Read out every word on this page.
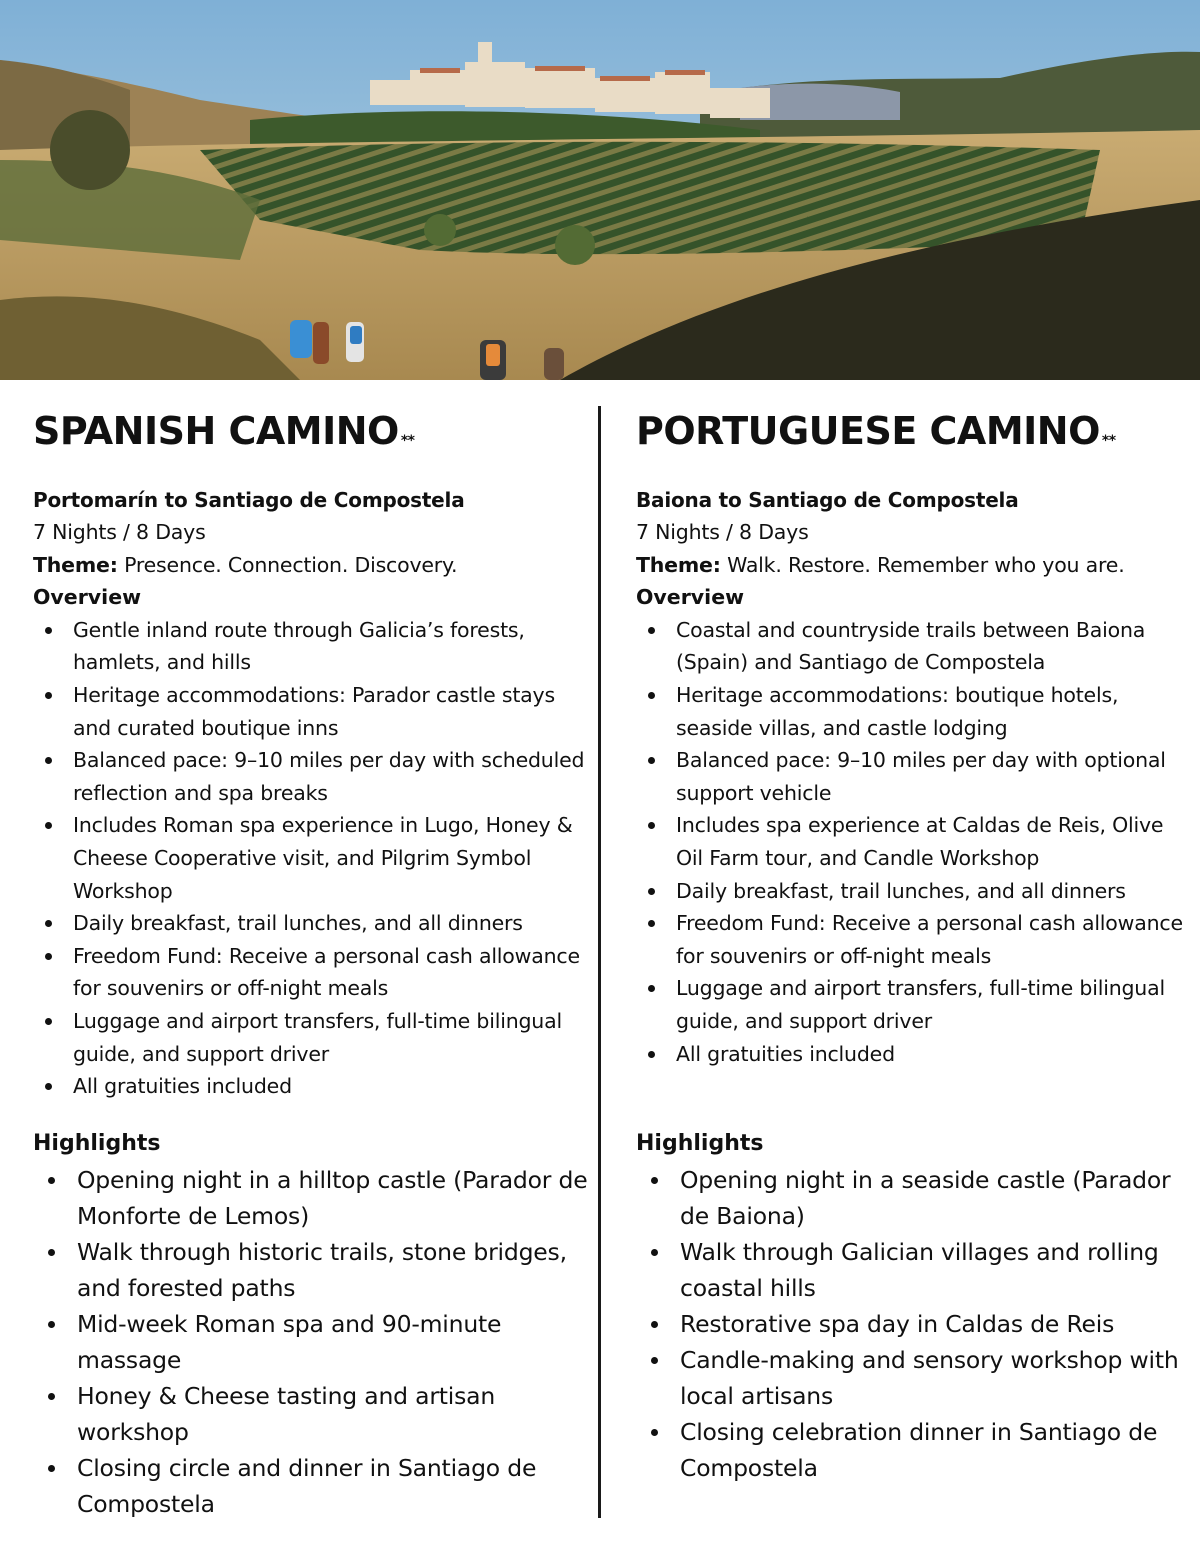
SPANISH CAMINO **
Portomarín to Santiago de Compostela
7 Nights / 8 Days
Theme: Presence. Connection. Discovery.
Overview
Gentle inland route through Galicia’s forests, hamlets, and hills
Heritage accommodations: Parador castle stays and curated boutique inns
Balanced pace: 9–10 miles per day with scheduled reflection and spa breaks
Includes Roman spa experience in Lugo, Honey & Cheese Cooperative visit, and Pilgrim Symbol Workshop
Daily breakfast, trail lunches, and all dinners
Freedom Fund: Receive a personal cash allowance for souvenirs or off-night meals
Luggage and airport transfers, full-time bilingual guide, and support driver
All gratuities included
Highlights
Opening night in a hilltop castle (Parador de Monforte de Lemos)
Walk through historic trails, stone bridges, and forested paths
Mid-week Roman spa and 90-minute massage
Honey & Cheese tasting and artisan workshop
Closing circle and dinner in Santiago de Compostela
PORTUGUESE CAMINO **
Baiona to Santiago de Compostela
7 Nights / 8 Days
Theme: Walk. Restore. Remember who you are.
Overview
Coastal and countryside trails between Baiona (Spain) and Santiago de Compostela
Heritage accommodations: boutique hotels, seaside villas, and castle lodging
Balanced pace: 9–10 miles per day with optional support vehicle
Includes spa experience at Caldas de Reis, Olive Oil Farm tour, and Candle Workshop
Daily breakfast, trail lunches, and all dinners
Freedom Fund: Receive a personal cash allowance for souvenirs or off-night meals
Luggage and airport transfers, full-time bilingual guide, and support driver
All gratuities included
Highlights
Opening night in a seaside castle (Parador de Baiona)
Walk through Galician villages and rolling coastal hills
Restorative spa day in Caldas de Reis
Candle-making and sensory workshop with local artisans
Closing celebration dinner in Santiago de Compostela
